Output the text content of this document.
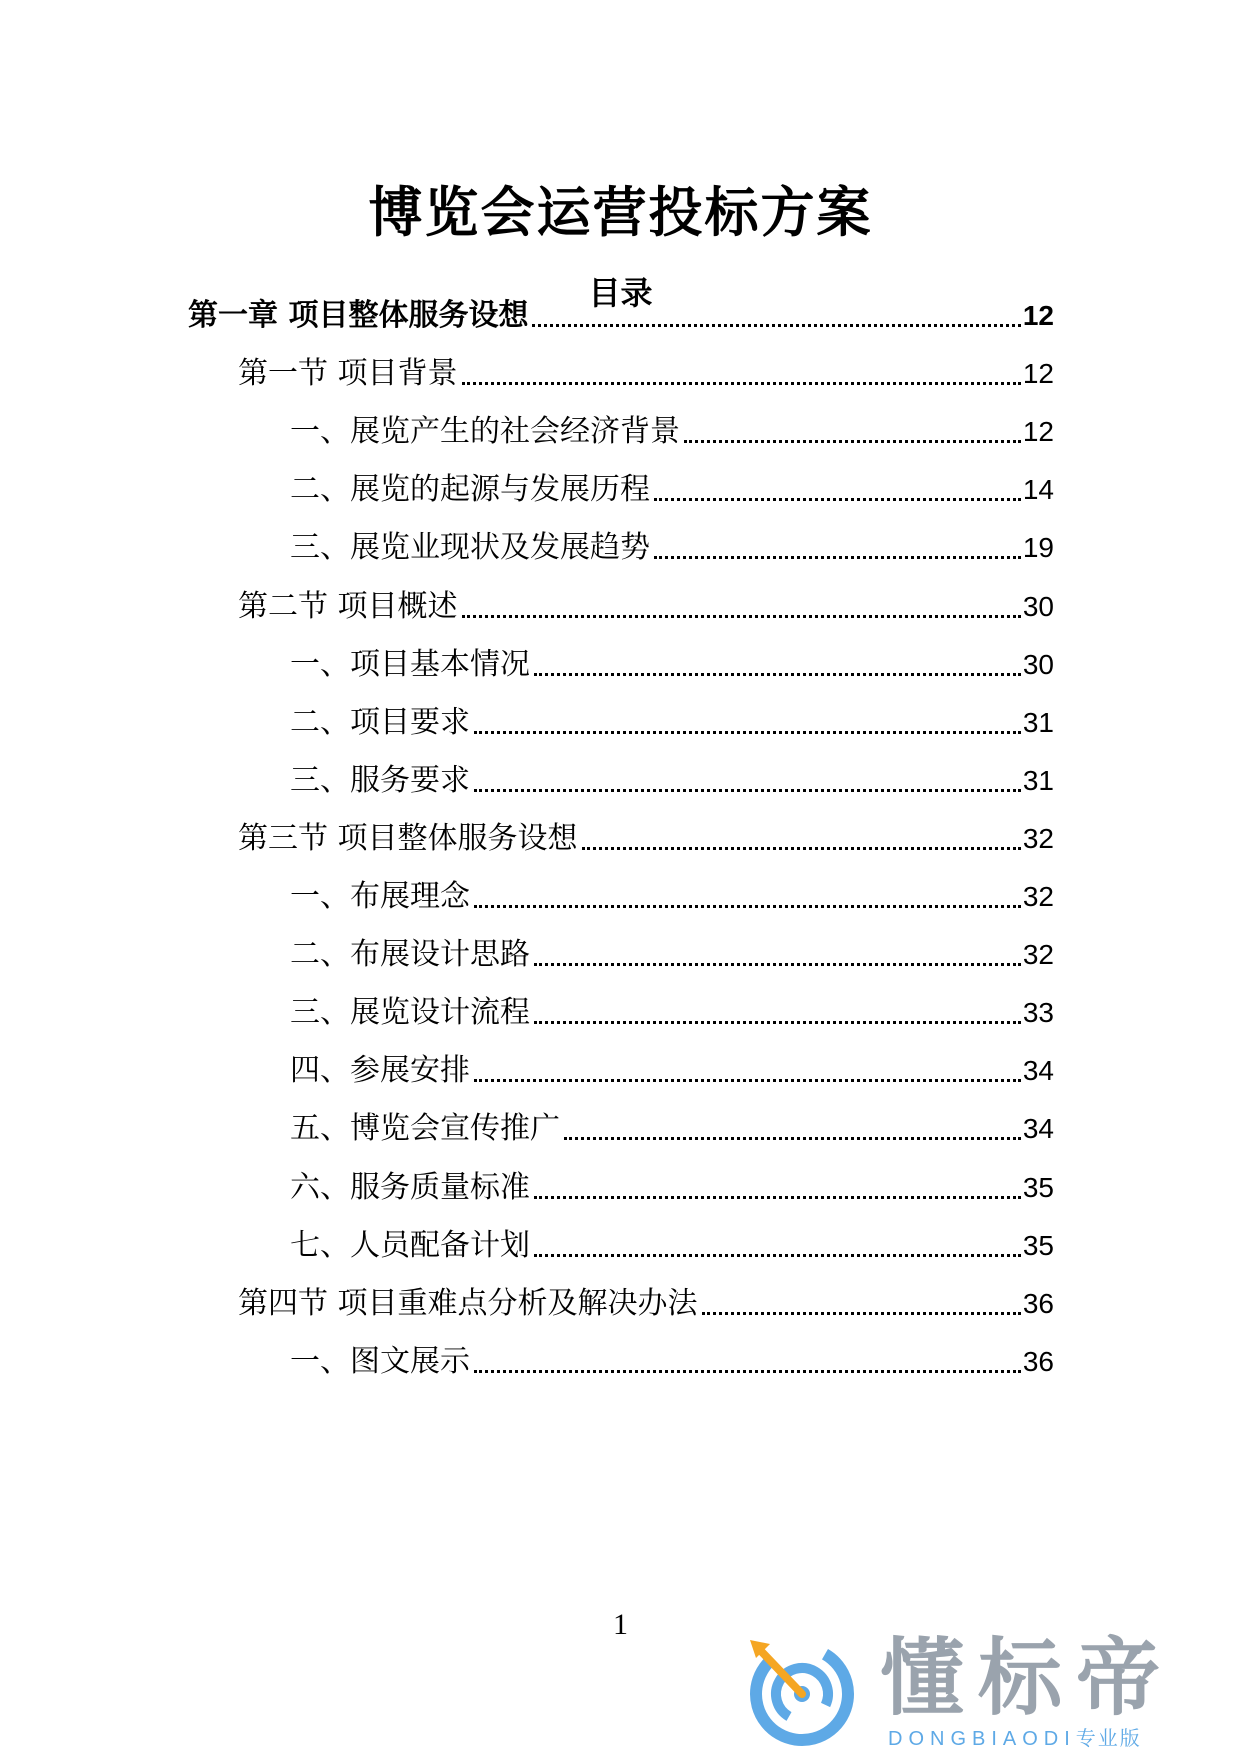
博览会运营投标方案
目录
第一章 项目整体服务设想	12
第一节 项目背景	12
一、展览产生的社会经济背景	12
二、展览的起源与发展历程	14
三、展览业现状及发展趋势	19
第二节 项目概述	30
一、项目基本情况	30
二、项目要求	31
三、服务要求	31
第三节 项目整体服务设想	32
一、布展理念	32
二、布展设计思路	32
三、展览设计流程	33
四、参展安排	34
五、博览会宣传推广	34
六、服务质量标准	35
七、人员配备计划	35
第四节 项目重难点分析及解决办法	36
一、图文展示	36
1
懂标帝
DONGBIAODI专业版
